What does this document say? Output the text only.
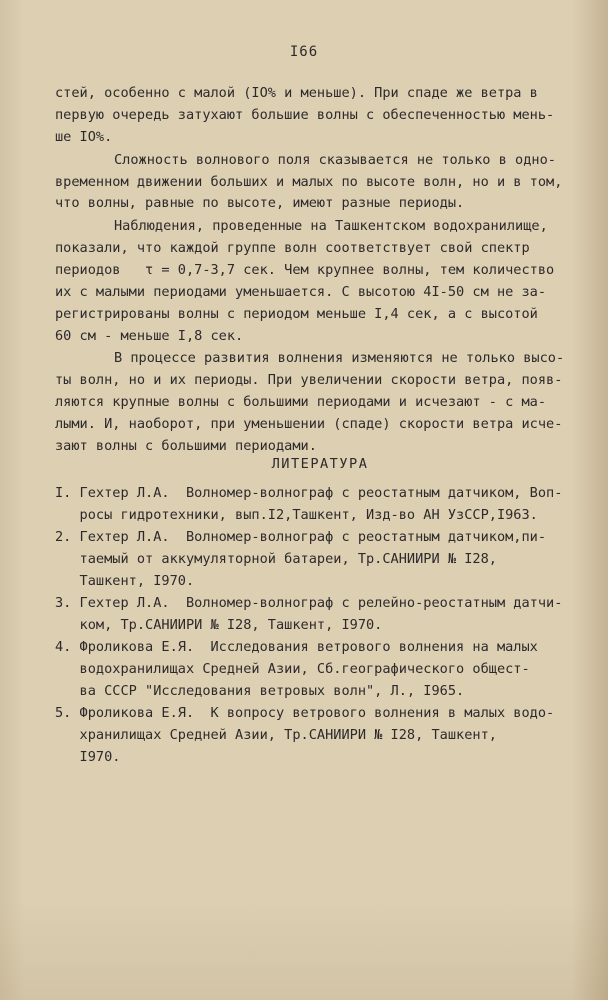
I66
стей, особенно с малой (IO% и меньше). При спаде же ветра в
первую очередь затухают большие волны с обеспеченностью мень-
ше IO%.
Сложность волнового поля сказывается не только в одно-
временном движении больших и малых по высоте волн, но и в том,
что волны, равные по высоте, имеют разные периоды.
Наблюдения, проведенные на Ташкентском водохранилище,
показали, что каждой группе волн соответствует свой спектр
периодов   τ = 0,7-3,7 сек. Чем крупнее волны, тем количество
их с малыми периодами уменьшается. С высотою 4I-50 см не за-
регистрированы волны с периодом меньше I,4 сек, а с высотой
60 см - меньше I,8 сек.
В процессе развития волнения изменяются не только высо-
ты волн, но и их периоды. При увеличении скорости ветра, появ-
ляются крупные волны с большими периодами и исчезают - с ма-
лыми. И, наоборот, при уменьшении (спаде) скорости ветра исче-
зают волны с большими периодами.
ЛИТЕРАТУРА
I. Гехтер Л.А.  Волномер-волнограф с реостатным датчиком, Воп-
росы гидротехники, вып.I2,Ташкент, Изд-во АН УзССР,I963.
2. Гехтер Л.А.  Волномер-волнограф с реостатным датчиком,пи-
таемый от аккумуляторной батареи, Тр.САНИИРИ № I28,
Ташкент, I970.
3. Гехтер Л.А.  Волномер-волнограф с релейно-реостатным датчи-
ком, Тр.САНИИРИ № I28, Ташкент, I970.
4. Фроликова Е.Я.  Исследования ветрового волнения на малых
водохранилищах Средней Азии, Сб.географического общест-
ва СССР "Исследования ветровых волн", Л., I965.
5. Фроликова Е.Я.  К вопросу ветрового волнения в малых водо-
хранилищах Средней Азии, Тр.САНИИРИ № I28, Ташкент,
I970.
